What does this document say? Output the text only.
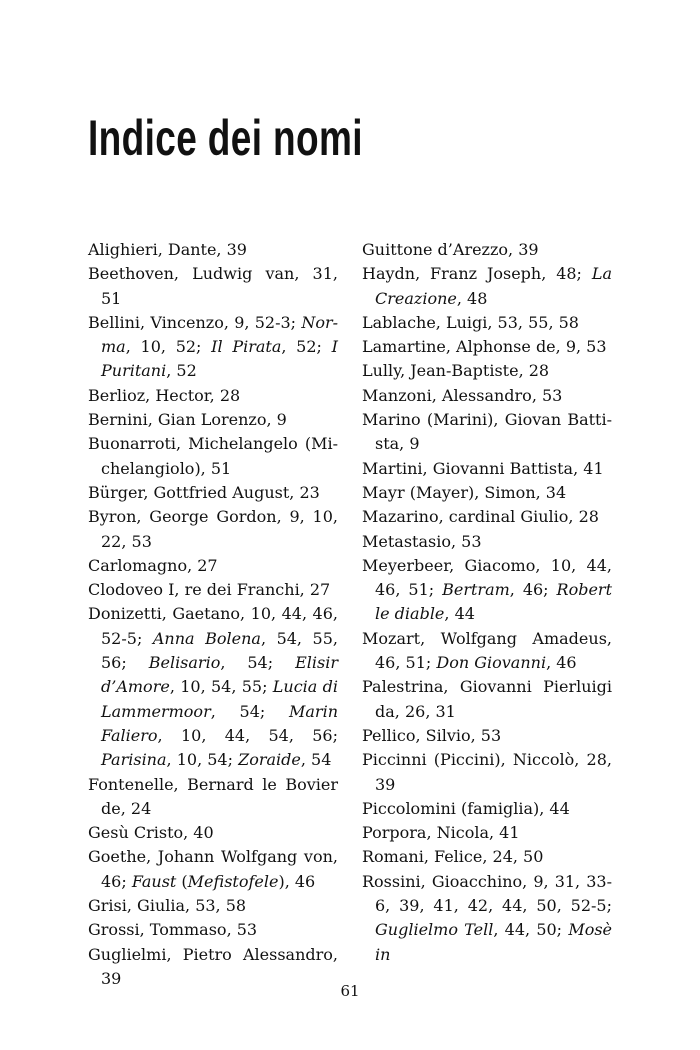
Indice dei nomi
Alighieri, Dante, 39
Beethoven, Ludwig van, 31, 51
Bellini, Vincenzo, 9, 52-3; Norma, 10, 52; Il Pirata, 52; I Puritani, 52
Berlioz, Hector, 28
Bernini, Gian Lorenzo, 9
Buonarroti, Michelangelo (Michelangiolo), 51
Bürger, Gottfried August, 23
Byron, George Gordon, 9, 10, 22, 53
Carlomagno, 27
Clodoveo I, re dei Franchi, 27
Donizetti, Gaetano, 10, 44, 46, 52-5; Anna Bolena, 54, 55, 56; Belisario, 54; Elisir d’Amore, 10, 54, 55; Lucia di Lammermoor, 54; Marin Faliero, 10, 44, 54, 56; Parisina, 10, 54; Zoraide, 54
Fontenelle, Bernard le Bovier de, 24
Gesù Cristo, 40
Goethe, Johann Wolfgang von, 46; Faust (Mefistofele), 46
Grisi, Giulia, 53, 58
Grossi, Tommaso, 53
Guglielmi, Pietro Alessandro, 39
Guittone d’Arezzo, 39
Haydn, Franz Joseph, 48; La Creazione, 48
Lablache, Luigi, 53, 55, 58
Lamartine, Alphonse de, 9, 53
Lully, Jean-Baptiste, 28
Manzoni, Alessandro, 53
Marino (Marini), Giovan Battista, 9
Martini, Giovanni Battista, 41
Mayr (Mayer), Simon, 34
Mazarino, cardinal Giulio, 28
Metastasio, 53
Meyerbeer, Giacomo, 10, 44, 46, 51; Bertram, 46; Robert le diable, 44
Mozart, Wolfgang Amadeus, 46, 51; Don Giovanni, 46
Palestrina, Giovanni Pierluigi da, 26, 31
Pellico, Silvio, 53
Piccinni (Piccini), Niccolò, 28, 39
Piccolomini (famiglia), 44
Porpora, Nicola, 41
Romani, Felice, 24, 50
Rossini, Gioacchino, 9, 31, 33-6, 39, 41, 42, 44, 50, 52-5; Guglielmo Tell, 44, 50; Mosè in
61
